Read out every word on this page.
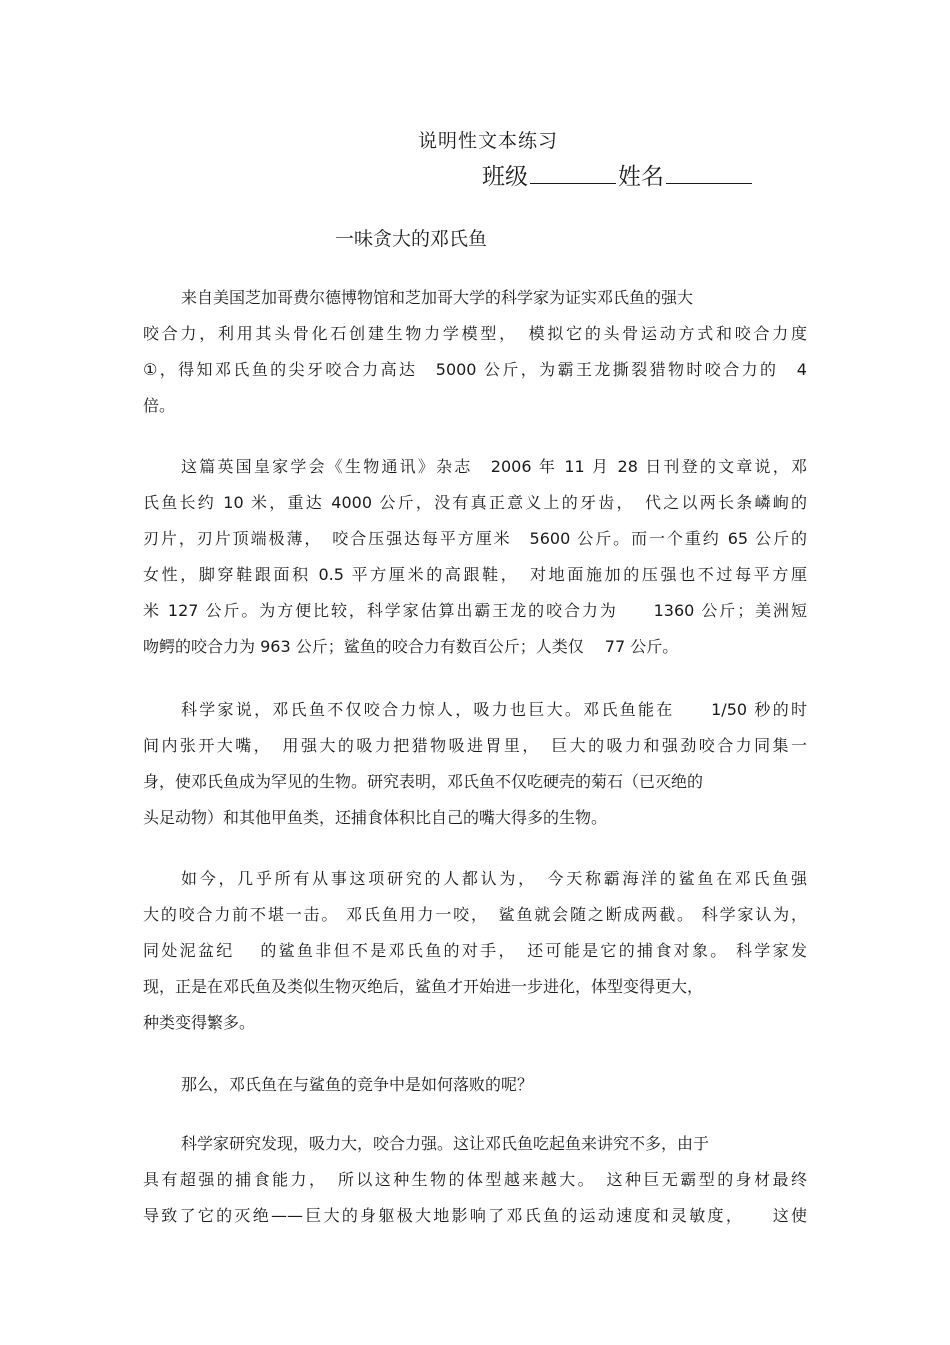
说明性文本练习
班级	姓名
一味贪大的邓氏鱼
来自美国芝加哥费尔德博物馆和芝加哥大学的科学家为证实邓氏鱼的强大
咬合力，利用其头骨化石创建生物力学模型，　模拟它的头骨运动方式和咬合力度
①，得知邓氏鱼的尖牙咬合力高达　5000 公斤，为霸王龙撕裂猎物时咬合力的　4
倍。
这篇英国皇家学会《生物通讯》杂志　2006 年 11 月 28 日刊登的文章说，邓
氏鱼长约 10 米，重达 4000 公斤，没有真正意义上的牙齿，　代之以两长条嶙峋的
刃片，刃片顶端极薄，　咬合压强达每平方厘米　5600 公斤。而一个重约 65 公斤的
女性，脚穿鞋跟面积 0.5 平方厘米的高跟鞋，　对地面施加的压强也不过每平方厘
米 127 公斤。为方便比较，科学家估算出霸王龙的咬合力为　　1360 公斤；美洲短
吻鳄的咬合力为 963 公斤；鲨鱼的咬合力有数百公斤；人类仅　 77 公斤。
科学家说，邓氏鱼不仅咬合力惊人，吸力也巨大。邓氏鱼能在　　1/50 秒的时
间内张开大嘴，　用强大的吸力把猎物吸进胃里，　巨大的吸力和强劲咬合力同集一
身，使邓氏鱼成为罕见的生物。研究表明，邓氏鱼不仅吃硬壳的菊石（已灭绝的
头足动物）和其他甲鱼类，还捕食体积比自己的嘴大得多的生物。
如今，几乎所有从事这项研究的人都认为，　今天称霸海洋的鲨鱼在邓氏鱼强
大的咬合力前不堪一击。 邓氏鱼用力一咬，　鲨鱼就会随之断成两截。 科学家认为，
同处泥盆纪　 的鲨鱼非但不是邓氏鱼的对手，　还可能是它的捕食对象。 科学家发
现，正是在邓氏鱼及类似生物灭绝后，鲨鱼才开始进一步进化，体型变得更大，
种类变得繁多。
那么，邓氏鱼在与鲨鱼的竞争中是如何落败的呢？
科学家研究发现，吸力大，咬合力强。这让邓氏鱼吃起鱼来讲究不多，由于
具有超强的捕食能力，　所以这种生物的体型越来越大。　这种巨无霸型的身材最终
导致了它的灭绝——巨大的身躯极大地影响了邓氏鱼的运动速度和灵敏度，　　这使
